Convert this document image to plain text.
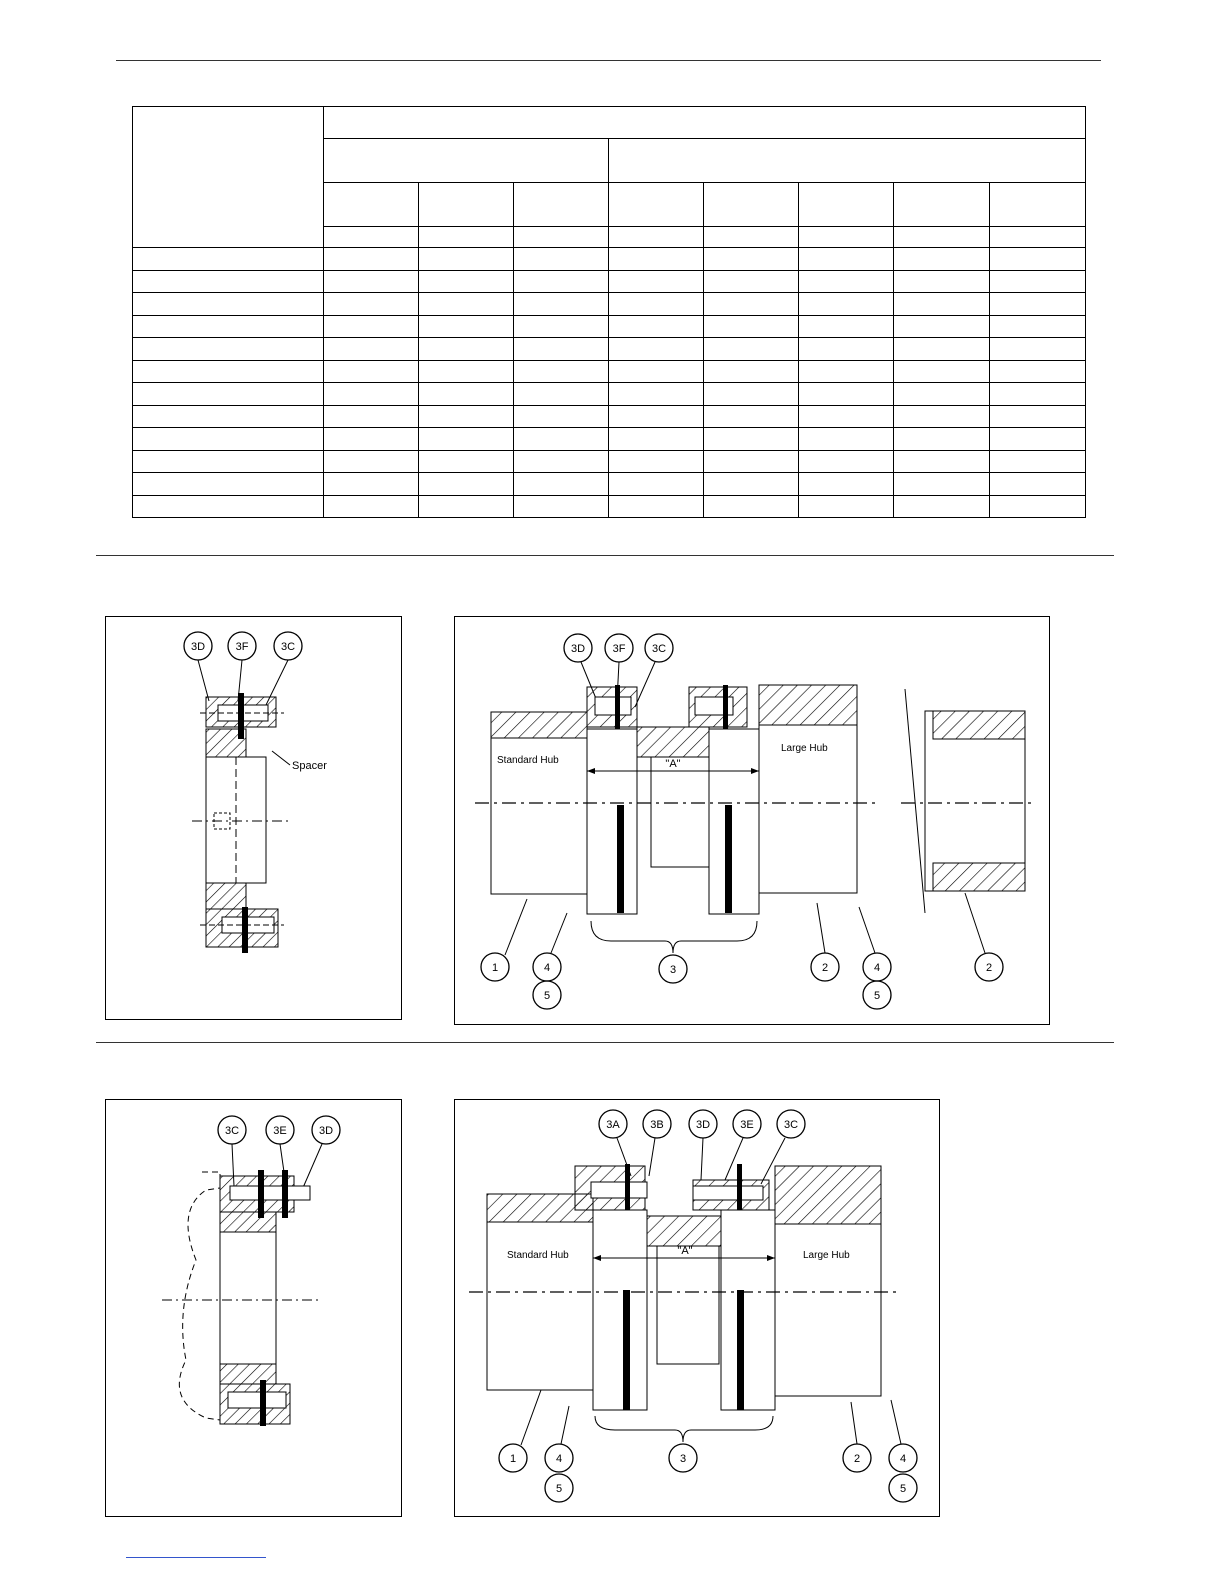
3D	3F	3C
Spacer
3D	3F 3C
Standard Hub
Large Hub
"A"
1	4
5
3	2	4
5
2
3C	3E	3D	3A	3B	3D	3E	3C
Standard Hub	Large Hub
"A"
1	4
5
3	2	4
5
